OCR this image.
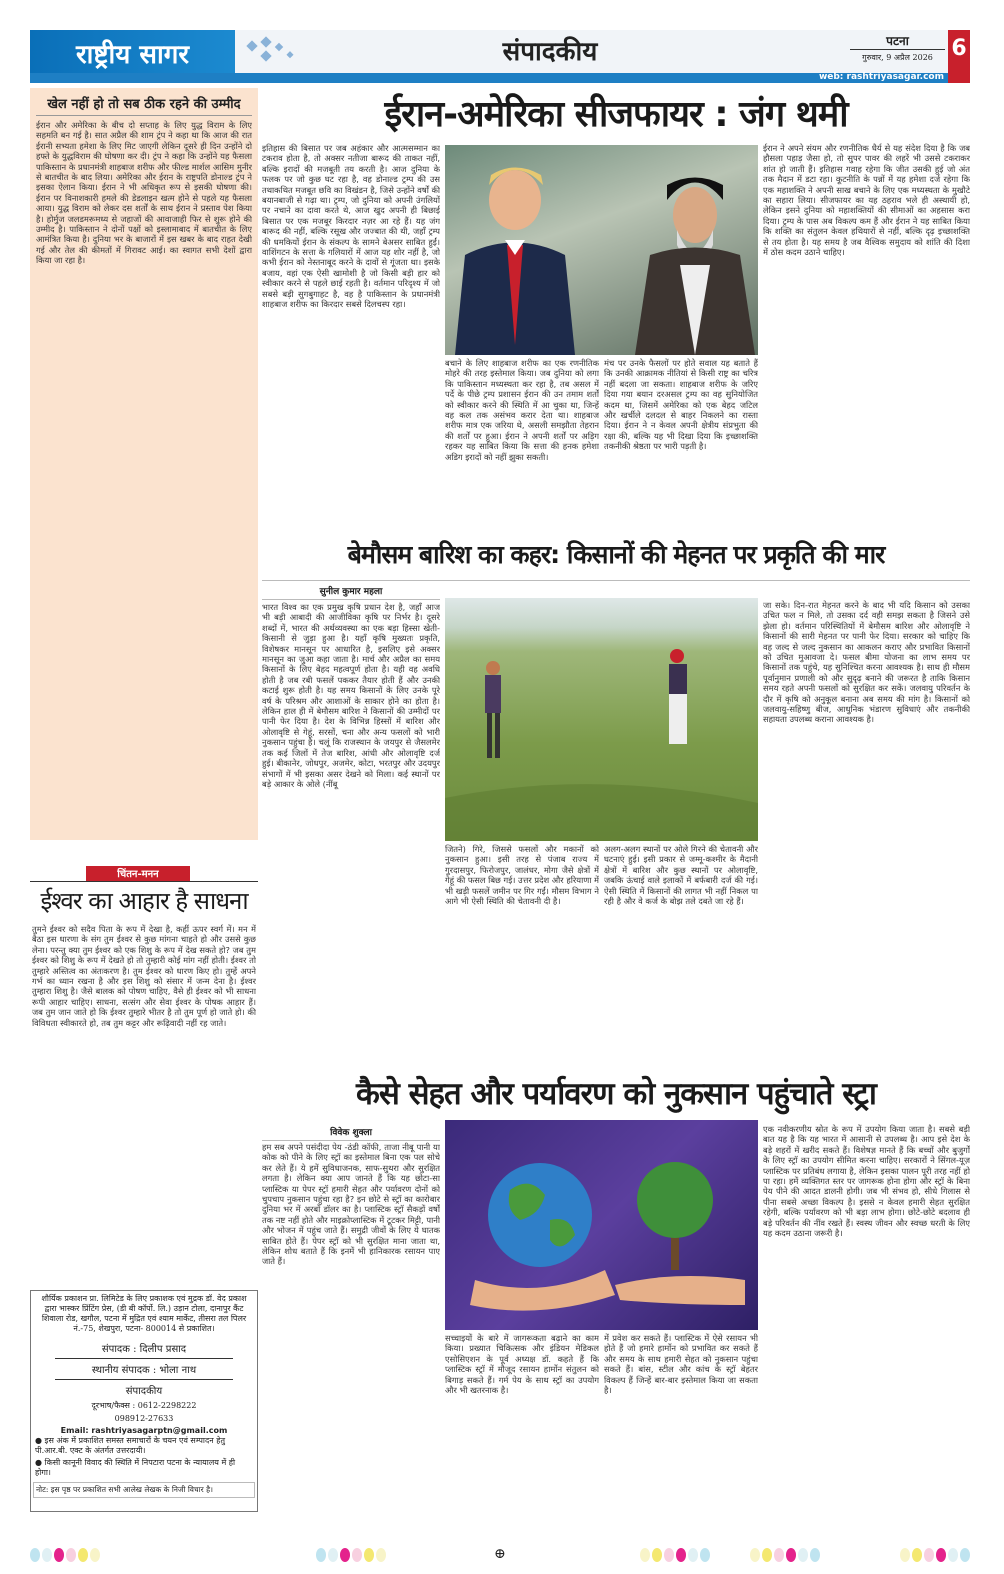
राष्ट्रीय सागर	संपादकीय	पटना
गुरुवार, 9 अप्रैल 2026
web: rashtriyasagar.com
6
खेल नहीं हो तो सब ठीक रहने की उम्मीद
ईरान और अमेरिका के बीच दो सप्ताह के लिए युद्ध विराम के लिए सहमति बन गई है। सात अप्रैल की शाम ट्रंप ने कहा था कि आज की रात ईरानी सभ्यता हमेशा के लिए मिट जाएगी लेकिन दूसरे ही दिन उन्होंने दो हफ्ते के युद्धविराम की घोषणा कर दी। ट्रंप ने कहा कि उन्होंने यह फैसला पाकिस्तान के प्रधानमंत्री शाहबाज शरीफ और फील्ड मार्शल आसिम मुनीर से बातचीत के बाद लिया। अमेरिका और ईरान के राष्ट्रपति डोनाल्ड ट्रंप ने इसका ऐलान किया। ईरान ने भी अधिकृत रूप से इसकी घोषणा की। ईरान पर विनाशकारी हमले की डेडलाइन खत्म होने से पहले यह फैसला आया। युद्ध विराम को लेकर दस शर्तों के साथ ईरान ने प्रस्ताव पेश किया है। होर्मुज जलडमरूमध्य से जहाजों की आवाजाही फिर से शुरू होने की उम्मीद है। पाकिस्तान ने दोनों पक्षों को इस्लामाबाद में बातचीत के लिए आमंत्रित किया है। दुनिया भर के बाजारों में इस खबर के बाद राहत देखी गई और तेल की कीमतों में गिरावट आई। का स्वागत सभी देशों द्वारा किया जा रहा है।
चिंतन-मनन
ईश्वर का आहार है साधना
तुमने ईश्वर को सदैव पिता के रूप में देखा है, कहीं ऊपर स्वर्ग में। मन में बैठा इस धारणा के संग तुम ईश्वर से कुछ मांगना चाहते हो और उससे कुछ लेना। परन्तु क्या तुम ईश्वर को एक शिशु के रूप में देख सकते हो? जब तुम ईश्वर को शिशु के रूप में देखते हो तो तुम्हारी कोई मांग नहीं होती। ईश्वर तो तुम्हारे अस्तित्व का अंतःकरण है। तुम ईश्वर को धारण किए हो। तुम्हें अपने गर्भ का ध्यान रखना है और इस शिशु को संसार में जन्म देना है। ईश्वर तुम्हारा शिशु है। जैसे बालक को पोषण चाहिए, वैसे ही ईश्वर को भी साधना रूपी आहार चाहिए। साधना, सत्संग और सेवा ईश्वर के पोषक आहार हैं। जब तुम जान जाते हो कि ईश्वर तुम्हारे भीतर है तो तुम पूर्ण हो जाते हो। की विविधता स्वीकारते हो, तब तुम कट्टर और रूढ़िवादी नहीं रह जाते।
शौर्यिक प्रकाशन प्रा. लिमिटेड के लिए प्रकाशक एवं मुद्रक डॉ. वेद प्रकाश द्वारा भास्कर प्रिंटिंग प्रेस, (डी बी कॉर्पो. लि.) उड़ान टोला, दानापुर कैंट शिवाला रोड, खगौल, पटना में मुद्रित एवं श्याम मार्केट, तीसरा तल पिलर नं.-75, शेखपुरा, पटना- 800014 से प्रकाशित।
संपादक : दिलीप प्रसाद
स्थानीय संपादक : भोला नाथ
संपादकीय
दूरभाष/फैक्स : 0612-2298222
098912-27633
Email: rashtriyasagarptn@gmail.com
● इस अंक में प्रकाशित समस्त समाचारों के चयन एवं सम्पादन हेतु पी.आर.बी. एक्ट के अंतर्गत उत्तरदायी।
● किसी कानूनी विवाद की स्थिति में निपटारा पटना के न्यायालय में ही होगा।
नोट: इस पृष्ठ पर प्रकाशित सभी आलेख लेखक के निजी विचार है।
ईरान-अमेरिका सीजफायर : जंग थमी
इतिहास की बिसात पर जब अहंकार और आत्मसम्मान का टकराव होता है, तो अक्सर नतीजा बारूद की ताकत नहीं, बल्कि इरादों की मजबूती तय करती है। आज दुनिया के फलक पर जो कुछ घट रहा है, वह डोनाल्ड ट्रम्प की उस तथाकथित मजबूत छवि का विखंडन है, जिसे उन्होंने वर्षों की बयानबाजी से गढ़ा था। ट्रम्प, जो दुनिया को अपनी उंगलियों पर नचाने का दावा करते थे, आज खुद अपनी ही बिछाई बिसात पर एक मजबूर किरदार नज़र आ रहे हैं। यह जंग बारूद की नहीं, बल्कि रसूख और जज्बात की थी, जहाँ ट्रम्प की धमकियों ईरान के संकल्प के सामने बेअसर साबित हुईं। वाशिंगटन के सत्ता के गलियारों में आज यह शोर नहीं है, जो कभी ईरान को नेस्तनाबूद करने के दावों से गूंजता था। इसके बजाय, वहां एक ऐसी खामोशी है जो किसी बड़ी हार को स्वीकार करने से पहले छाई रहती है। वर्तमान परिदृश्य में जो सबसे बड़ी सुगबुगाहट है, वह है पाकिस्तान के प्रधानमंत्री शाहबाज शरीफ का किरदार सबसे दिलचस्प रहा।
बचाने के लिए शाहबाज शरीफ का एक रणनीतिक मोहरे की तरह इस्तेमाल किया। जब दुनिया को लगा कि पाकिस्तान मध्यस्थता कर रहा है, तब असल में पर्दे के पीछे ट्रम्प प्रशासन ईरान की उन तमाम शर्तों को स्वीकार करने की स्थिति में आ चुका था, जिन्हें वह कल तक असंभव करार देता था। शाहबाज शरीफ मात्र एक जरिया थे, असली समझौता तेहरान की शर्तों पर हुआ। ईरान ने अपनी शर्तों पर अड़िग रहकर यह साबित किया कि सत्ता की हनक हमेशा अडिग इरादों को नहीं झुका सकती।
मंच पर उनके फैसलों पर होते सवाल यह बताते हैं कि उनकी आक्रामक नीतियां से किसी राष्ट्र का चरित्र नहीं बदला जा सकता। शाहबाज शरीफ के जरिए दिया गया बयान दरअसल ट्रम्प का वह सुनियोजित कदम था, जिसमें अमेरिका को एक बेहद जटिल और खर्चीले दलदल से बाहर निकलने का रास्ता दिया। ईरान ने न केवल अपनी क्षेत्रीय संप्रभुता की रक्षा की, बल्कि यह भी दिखा दिया कि इच्छाशक्ति तकनीकी श्रेष्ठता पर भारी पड़ती है।
ईरान ने अपने संयम और रणनीतिक धैर्य से यह संदेश दिया है कि जब हौसला पहाड़ जैसा हो, तो सुपर पावर की लहरें भी उससे टकराकर शांत हो जाती हैं। इतिहास गवाह रहेगा कि जीत उसकी हुई जो अंत तक मैदान में डटा रहा। कूटनीति के पन्नों में यह हमेशा दर्ज रहेगा कि एक महाशक्ति ने अपनी साख बचाने के लिए एक मध्यस्थता के मुखौटे का सहारा लिया। सीजफायर का यह ठहराव भले ही अस्थायी हो, लेकिन इसने दुनिया को महाशक्तियों की सीमाओं का अहसास करा दिया। ट्रम्प के पास अब विकल्प कम हैं और ईरान ने यह साबित किया कि शक्ति का संतुलन केवल हथियारों से नहीं, बल्कि दृढ़ इच्छाशक्ति से तय होता है। यह समय है जब वैश्विक समुदाय को शांति की दिशा में ठोस कदम उठाने चाहिए।
बेमौसम बारिश का कहर: किसानों की मेहनत पर प्रकृति की मार
सुनील कुमार महला
भारत विश्व का एक प्रमुख कृषि प्रधान देश है, जहाँ आज भी बड़ी आबादी की आजीविका कृषि पर निर्भर है। दूसरे शब्दों में, भारत की अर्थव्यवस्था का एक बड़ा हिस्सा खेती-किसानी से जुड़ा हुआ है। यहाँ कृषि मुख्यतः प्रकृति, विशेषकर मानसून पर आधारित है, इसलिए इसे अक्सर मानसून का जुआ कहा जाता है। मार्च और अप्रैल का समय किसानों के लिए बेहद महत्वपूर्ण होता है। यही वह अवधि होती है जब रबी फसलें पककर तैयार होती हैं और उनकी कटाई शुरू होती है। यह समय किसानों के लिए उनके पूरे वर्ष के परिश्रम और आशाओं के साकार होने का होता है। लेकिन हाल ही में बेमौसम बारिश ने किसानों की उम्मीदों पर पानी फेर दिया है। देश के विभिन्न हिस्सों में बारिश और ओलावृष्टि से गेहूं, सरसों, चना और अन्य फसलों को भारी नुकसान पहुंचा है। चलूं कि राजस्थान के जयपुर से जैसलमेर तक कई जिलों में तेज बारिश, आंधी और ओलावृष्टि दर्ज हुई। बीकानेर, जोधपुर, अजमेर, कोटा, भरतपुर और उदयपुर संभागों में भी इसका असर देखने को मिला। कई स्थानों पर बड़े आकार के ओले (नींबू
जितने) गिरे, जिससे फसलों और मकानों को नुकसान हुआ। इसी तरह से पंजाब राज्य में गुरदासपुर, फिरोजपुर, जालंधर, मोगा जैसे क्षेत्रों में गेहूं की फसल बिछ गई। उत्तर प्रदेश और हरियाणा में भी खड़ी फसलें जमीन पर गिर गईं। मौसम विभाग ने आगे भी ऐसी स्थिति की चेतावनी दी है।
अलग-अलग स्थानों पर ओले गिरने की चेतावनी और घटनाएं हुई। इसी प्रकार से जम्मू-कश्मीर के मैदानी क्षेत्रों में बारिश और कुछ स्थानों पर ओलावृष्टि, जबकि ऊंचाई वाले इलाकों में बर्फबारी दर्ज की गई। ऐसी स्थिति में किसानों की लागत भी नहीं निकल पा रही है और वे कर्ज के बोझ तले दबते जा रहे हैं।
जा सके। दिन-रात मेहनत करने के बाद भी यदि किसान को उसका उचित फल न मिले, तो उसका दर्द वही समझ सकता है जिसने उसे झेला हो। वर्तमान परिस्थितियों में बेमौसम बारिश और ओलावृष्टि ने किसानों की सारी मेहनत पर पानी फेर दिया। सरकार को चाहिए कि वह जल्द से जल्द नुकसान का आकलन कराए और प्रभावित किसानों को उचित मुआवजा दे। फसल बीमा योजना का लाभ समय पर किसानों तक पहुंचे, यह सुनिश्चित करना आवश्यक है। साथ ही मौसम पूर्वानुमान प्रणाली को और सुदृढ़ बनाने की जरूरत है ताकि किसान समय रहते अपनी फसलों को सुरक्षित कर सकें। जलवायु परिवर्तन के दौर में कृषि को अनुकूल बनाना अब समय की मांग है। किसानों को जलवायु-सहिष्णु बीज, आधुनिक भंडारण सुविधाएं और तकनीकी सहायता उपलब्ध कराना आवश्यक है।
कैसे सेहत और पर्यावरण को नुकसान पहुंचाते स्ट्रा
विवेक शुक्ला
हम सब अपने पसंदीदा पेय -ठंडी कॉफी, ताजा नीबू पानी या कोक को पीने के लिए स्ट्रॉ का इस्तेमाल बिना एक पल सोचे कर लेते हैं। ये हमें सुविधाजनक, साफ-सुथरा और सुरक्षित लगता है। लेकिन क्या आप जानते हैं कि यह छोटा-सा प्लास्टिक या पेपर स्ट्रॉ हमारी सेहत और पर्यावरण दोनों को चुपचाप नुकसान पहुंचा रहा है? इन छोटे से स्ट्रॉ का कारोबार दुनिया भर में अरबों डॉलर का है। प्लास्टिक स्ट्रॉ सैकड़ों वर्षों तक नष्ट नहीं होते और माइक्रोप्लास्टिक में टूटकर मिट्टी, पानी और भोजन में पहुंच जाते हैं। समुद्री जीवों के लिए ये घातक साबित होते हैं। पेपर स्ट्रॉ को भी सुरक्षित माना जाता था, लेकिन शोध बताते हैं कि इनमें भी हानिकारक रसायन पाए जाते हैं।
सच्चाइयों के बारे में जागरूकता बढ़ाने का काम किया। प्रख्यात चिकित्सक और इंडियन मेडिकल एसोसिएशन के पूर्व अध्यक्ष डॉ. कहते हैं कि प्लास्टिक स्ट्रॉ में मौजूद रसायन हार्मोन संतुलन को बिगाड़ सकते हैं। गर्म पेय के साथ स्ट्रॉ का उपयोग और भी खतरनाक है।
में प्रवेश कर सकते हैं। प्लास्टिक में ऐसे रसायन भी होते हैं जो हमारे हार्मोन को प्रभावित कर सकते हैं और समय के साथ हमारी सेहत को नुकसान पहुंचा सकते हैं। बांस, स्टील और कांच के स्ट्रॉ बेहतर विकल्प हैं जिन्हें बार-बार इस्तेमाल किया जा सकता है।
एक नवीकरणीय स्रोत के रूप में उपयोग किया जाता है। सबसे बड़ी बात यह है कि यह भारत में आसानी से उपलब्ध है। आप इसे देश के बड़े शहरों में खरीद सकते हैं। विशेषज्ञ मानते हैं कि बच्चों और बुजुर्गों के लिए स्ट्रॉ का उपयोग सीमित करना चाहिए। सरकारों ने सिंगल-यूज़ प्लास्टिक पर प्रतिबंध लगाया है, लेकिन इसका पालन पूरी तरह नहीं हो पा रहा। हमें व्यक्तिगत स्तर पर जागरूक होना होगा और स्ट्रॉ के बिना पेय पीने की आदत डालनी होगी। जब भी संभव हो, सीधे गिलास से पीना सबसे अच्छा विकल्प है। इससे न केवल हमारी सेहत सुरक्षित रहेगी, बल्कि पर्यावरण को भी बड़ा लाभ होगा। छोटे-छोटे बदलाव ही बड़े परिवर्तन की नींव रखते हैं। स्वस्थ जीवन और स्वच्छ धरती के लिए यह कदम उठाना जरूरी है।
⊕
